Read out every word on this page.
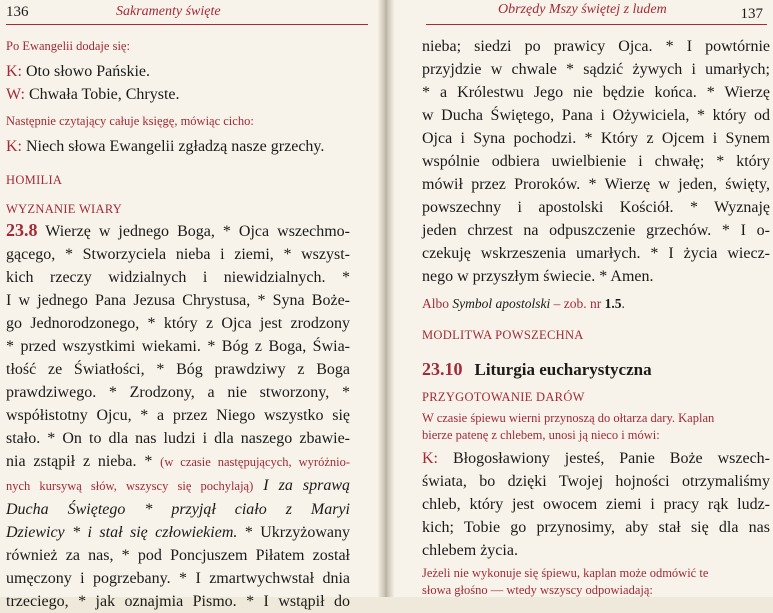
136	Sakramenty święte

Po Ewangelii dodaje się:

K: Oto słowo Pańskie.

W: Chwała Tobie, Chryste.

Następnie czytający całuje księgę, mówiąc cicho:

K: Niech słowa Ewangelii zgładzą nasze grzechy.

HOMILIA

WYZNANIE WIARY

23.8 Wierzę w jednego Boga, * Ojca wszechmo-

gącego, * Stworzyciela nieba i ziemi, * wszyst-

kich rzeczy widzialnych i niewidzialnych. *

I w jednego Pana Jezusa Chrystusa, * Syna Boże-

go Jednorodzonego, * który z Ojca jest zrodzony

* przed wszystkimi wiekami. * Bóg z Boga, Świa-

tłość ze Światłości, * Bóg prawdziwy z Boga

prawdziwego. * Zrodzony, a nie stworzony, *

współistotny Ojcu, * a przez Niego wszystko się

stało. * On to dla nas ludzi i dla naszego zbawie-

nia zstąpił z nieba. * (w czasie następujących, wyróżnio-

nych kursywą słów, wszyscy się pochylają) I za sprawą

Ducha Świętego * przyjął ciało z Maryi

Dziewicy * i stał się człowiekiem. * Ukrzyżowany

również za nas, * pod Poncjuszem Piłatem został

umęczony i pogrzebany. * I zmartwychwstał dnia

trzeciego, * jak oznajmia Pismo. * I wstąpił do

Obrzędy Mszy świętej z ludem	137

nieba; siedzi po prawicy Ojca. * I powtórnie

przyjdzie w chwale * sądzić żywych i umarłych;

* a Królestwu Jego nie będzie końca. * Wierzę

w Ducha Świętego, Pana i Ożywiciela, * który od

Ojca i Syna pochodzi. * Który z Ojcem i Synem

wspólnie odbiera uwielbienie i chwałę; * który

mówił przez Proroków. * Wierzę w jeden, święty,

powszechny i apostolski Kościół. * Wyznaję

jeden chrzest na odpuszczenie grzechów. * I o-

czekuję wskrzeszenia umarłych. * I życia wiecz-

nego w przyszłym świecie. * Amen.

Albo Symbol apostolski – zob. nr 1.5.

MODLITWA POWSZECHNA

23.10 Liturgia eucharystyczna

PRZYGOTOWANIE DARÓW

W czasie śpiewu wierni przynoszą do ołtarza dary. Kaplan

bierze patenę z chlebem, unosi ją nieco i mówi:

K: Błogosławiony jesteś, Panie Boże wszech-

świata, bo dzięki Twojej hojności otrzymaliśmy

chleb, który jest owocem ziemi i pracy rąk ludz-

kich; Tobie go przynosimy, aby stał się dla nas

chlebem życia.

Jeżeli nie wykonuje się śpiewu, kaplan może odmówić te

słowa głośno — wtedy wszyscy odpowiadają:
